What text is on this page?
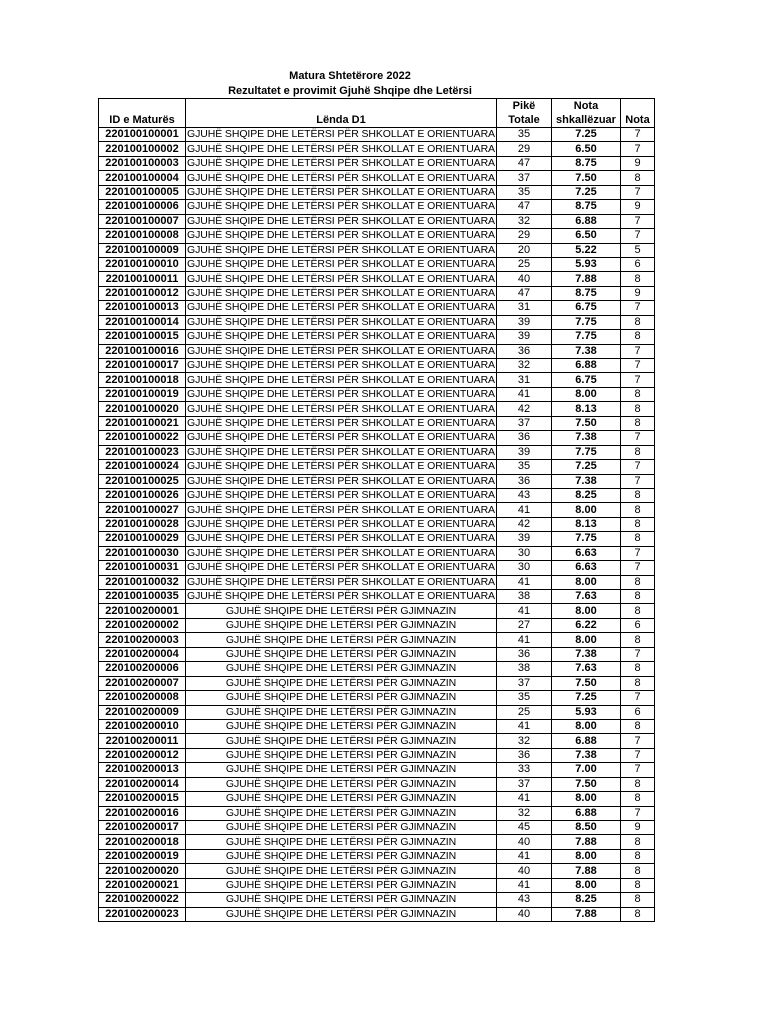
Matura Shtetërore 2022
Rezultatet e provimit Gjuhë Shqipe dhe Letërsi
ID e Maturës	Lënda D1	Pikë Totale	Nota shkallëzuar	Nota
220100100001	GJUHË SHQIPE DHE LETËRSI PËR SHKOLLAT E ORIENTUARA	35	7.25	7
220100100002	GJUHË SHQIPE DHE LETËRSI PËR SHKOLLAT E ORIENTUARA	29	6.50	7
220100100003	GJUHË SHQIPE DHE LETËRSI PËR SHKOLLAT E ORIENTUARA	47	8.75	9
220100100004	GJUHË SHQIPE DHE LETËRSI PËR SHKOLLAT E ORIENTUARA	37	7.50	8
220100100005	GJUHË SHQIPE DHE LETËRSI PËR SHKOLLAT E ORIENTUARA	35	7.25	7
220100100006	GJUHË SHQIPE DHE LETËRSI PËR SHKOLLAT E ORIENTUARA	47	8.75	9
220100100007	GJUHË SHQIPE DHE LETËRSI PËR SHKOLLAT E ORIENTUARA	32	6.88	7
220100100008	GJUHË SHQIPE DHE LETËRSI PËR SHKOLLAT E ORIENTUARA	29	6.50	7
220100100009	GJUHË SHQIPE DHE LETËRSI PËR SHKOLLAT E ORIENTUARA	20	5.22	5
220100100010	GJUHË SHQIPE DHE LETËRSI PËR SHKOLLAT E ORIENTUARA	25	5.93	6
220100100011	GJUHË SHQIPE DHE LETËRSI PËR SHKOLLAT E ORIENTUARA	40	7.88	8
220100100012	GJUHË SHQIPE DHE LETËRSI PËR SHKOLLAT E ORIENTUARA	47	8.75	9
220100100013	GJUHË SHQIPE DHE LETËRSI PËR SHKOLLAT E ORIENTUARA	31	6.75	7
220100100014	GJUHË SHQIPE DHE LETËRSI PËR SHKOLLAT E ORIENTUARA	39	7.75	8
220100100015	GJUHË SHQIPE DHE LETËRSI PËR SHKOLLAT E ORIENTUARA	39	7.75	8
220100100016	GJUHË SHQIPE DHE LETËRSI PËR SHKOLLAT E ORIENTUARA	36	7.38	7
220100100017	GJUHË SHQIPE DHE LETËRSI PËR SHKOLLAT E ORIENTUARA	32	6.88	7
220100100018	GJUHË SHQIPE DHE LETËRSI PËR SHKOLLAT E ORIENTUARA	31	6.75	7
220100100019	GJUHË SHQIPE DHE LETËRSI PËR SHKOLLAT E ORIENTUARA	41	8.00	8
220100100020	GJUHË SHQIPE DHE LETËRSI PËR SHKOLLAT E ORIENTUARA	42	8.13	8
220100100021	GJUHË SHQIPE DHE LETËRSI PËR SHKOLLAT E ORIENTUARA	37	7.50	8
220100100022	GJUHË SHQIPE DHE LETËRSI PËR SHKOLLAT E ORIENTUARA	36	7.38	7
220100100023	GJUHË SHQIPE DHE LETËRSI PËR SHKOLLAT E ORIENTUARA	39	7.75	8
220100100024	GJUHË SHQIPE DHE LETËRSI PËR SHKOLLAT E ORIENTUARA	35	7.25	7
220100100025	GJUHË SHQIPE DHE LETËRSI PËR SHKOLLAT E ORIENTUARA	36	7.38	7
220100100026	GJUHË SHQIPE DHE LETËRSI PËR SHKOLLAT E ORIENTUARA	43	8.25	8
220100100027	GJUHË SHQIPE DHE LETËRSI PËR SHKOLLAT E ORIENTUARA	41	8.00	8
220100100028	GJUHË SHQIPE DHE LETËRSI PËR SHKOLLAT E ORIENTUARA	42	8.13	8
220100100029	GJUHË SHQIPE DHE LETËRSI PËR SHKOLLAT E ORIENTUARA	39	7.75	8
220100100030	GJUHË SHQIPE DHE LETËRSI PËR SHKOLLAT E ORIENTUARA	30	6.63	7
220100100031	GJUHË SHQIPE DHE LETËRSI PËR SHKOLLAT E ORIENTUARA	30	6.63	7
220100100032	GJUHË SHQIPE DHE LETËRSI PËR SHKOLLAT E ORIENTUARA	41	8.00	8
220100100035	GJUHË SHQIPE DHE LETËRSI PËR SHKOLLAT E ORIENTUARA	38	7.63	8
220100200001	GJUHË SHQIPE DHE LETËRSI PËR GJIMNAZIN	41	8.00	8
220100200002	GJUHË SHQIPE DHE LETËRSI PËR GJIMNAZIN	27	6.22	6
220100200003	GJUHË SHQIPE DHE LETËRSI PËR GJIMNAZIN	41	8.00	8
220100200004	GJUHË SHQIPE DHE LETËRSI PËR GJIMNAZIN	36	7.38	7
220100200006	GJUHË SHQIPE DHE LETËRSI PËR GJIMNAZIN	38	7.63	8
220100200007	GJUHË SHQIPE DHE LETËRSI PËR GJIMNAZIN	37	7.50	8
220100200008	GJUHË SHQIPE DHE LETËRSI PËR GJIMNAZIN	35	7.25	7
220100200009	GJUHË SHQIPE DHE LETËRSI PËR GJIMNAZIN	25	5.93	6
220100200010	GJUHË SHQIPE DHE LETËRSI PËR GJIMNAZIN	41	8.00	8
220100200011	GJUHË SHQIPE DHE LETËRSI PËR GJIMNAZIN	32	6.88	7
220100200012	GJUHË SHQIPE DHE LETËRSI PËR GJIMNAZIN	36	7.38	7
220100200013	GJUHË SHQIPE DHE LETËRSI PËR GJIMNAZIN	33	7.00	7
220100200014	GJUHË SHQIPE DHE LETËRSI PËR GJIMNAZIN	37	7.50	8
220100200015	GJUHË SHQIPE DHE LETËRSI PËR GJIMNAZIN	41	8.00	8
220100200016	GJUHË SHQIPE DHE LETËRSI PËR GJIMNAZIN	32	6.88	7
220100200017	GJUHË SHQIPE DHE LETËRSI PËR GJIMNAZIN	45	8.50	9
220100200018	GJUHË SHQIPE DHE LETËRSI PËR GJIMNAZIN	40	7.88	8
220100200019	GJUHË SHQIPE DHE LETËRSI PËR GJIMNAZIN	41	8.00	8
220100200020	GJUHË SHQIPE DHE LETËRSI PËR GJIMNAZIN	40	7.88	8
220100200021	GJUHË SHQIPE DHE LETËRSI PËR GJIMNAZIN	41	8.00	8
220100200022	GJUHË SHQIPE DHE LETËRSI PËR GJIMNAZIN	43	8.25	8
220100200023	GJUHË SHQIPE DHE LETËRSI PËR GJIMNAZIN	40	7.88	8
